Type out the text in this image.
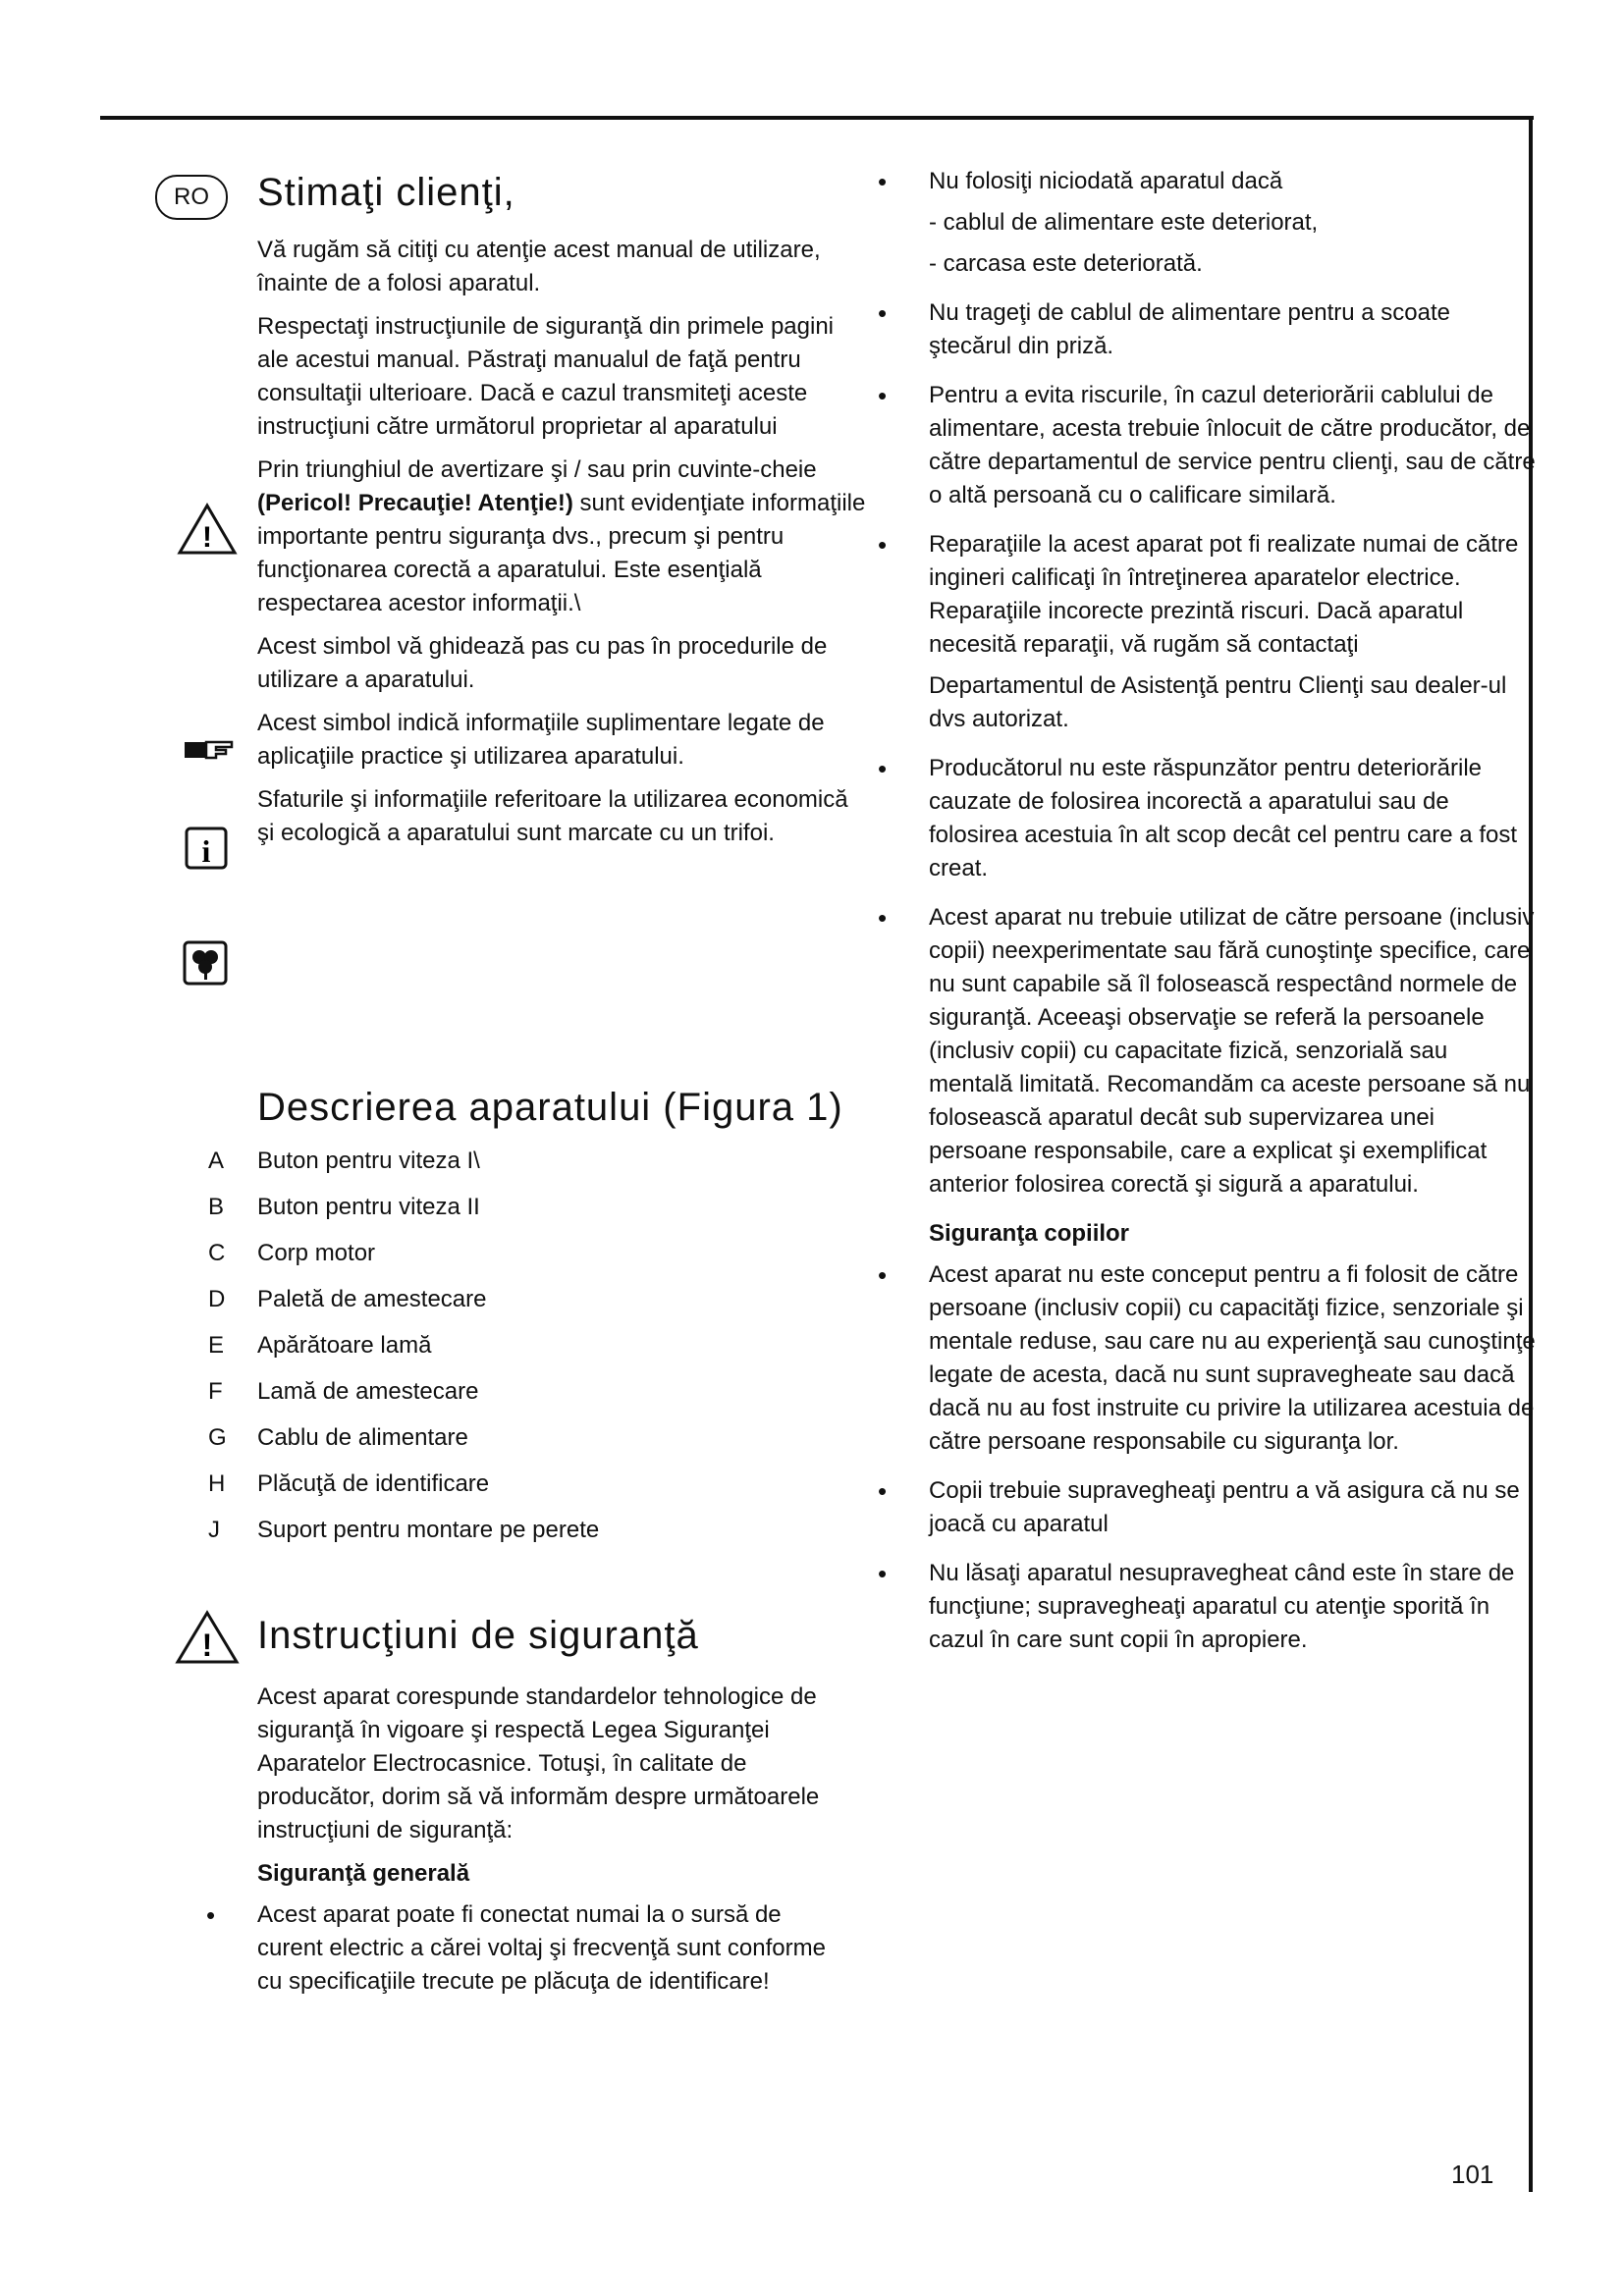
RO
!
i
!
Stimaţi clienţi,

Vă rugăm să citiţi cu atenţie acest manual de utilizare, înainte de a folosi aparatul.

Respectaţi instrucţiunile de siguranţă din primele pagini ale acestui manual. Păstraţi manualul de faţă pentru consultaţii ulterioare. Dacă e cazul transmiteţi aceste instrucţiuni către următorul proprietar al aparatului

Prin triunghiul de avertizare şi / sau prin cuvinte-cheie (Pericol! Precauţie! Atenţie!) sunt evidenţiate informaţiile importante pentru siguranţa dvs., precum şi pentru funcţionarea corectă a aparatului. Este esenţială respectarea acestor informaţii.\

Acest simbol vă ghidează pas cu pas în procedurile de utilizare a aparatului.

Acest simbol indică informaţiile suplimentare legate de aplicaţiile practice şi utilizarea aparatului.

Sfaturile şi informaţiile referitoare la utilizarea economică şi ecologică a aparatului sunt marcate cu un trifoi.

Descrierea aparatului (Figura 1)
A	Buton pentru viteza I\
B	Buton pentru viteza II
C	Corp motor
D	Paletă de amestecare
E	Apărătoare lamă
F	Lamă de amestecare
G	Cablu de alimentare
H	Plăcuţă de identificare
J	Suport pentru montare pe perete
Instrucţiuni de siguranţă

Acest aparat corespunde standardelor tehnologice de siguranţă în vigoare şi respectă Legea Siguranţei Aparatelor Electrocasnice. Totuşi, în calitate de producător, dorim să vă informăm despre următoarele instrucţiuni de siguranţă:

Siguranţă generală
• Acest aparat poate fi conectat numai la o sursă de curent electric a cărei voltaj şi frecvenţă sunt conforme cu specificaţiile trecute pe plăcuţa de identificare!
• Nu folosiţi niciodată aparatul dacă
- cablul de alimentare este deteriorat,
- carcasa este deteriorată.
• Nu trageţi de cablul de alimentare pentru a scoate ştecărul din priză.
• Pentru a evita riscurile, în cazul deteriorării cablului de alimentare, acesta trebuie înlocuit de către producător, de către departamentul de service pentru clienţi, sau de către o altă persoană cu o calificare similară.
• Reparaţiile la acest aparat pot fi realizate numai de către ingineri calificaţi în întreţinerea aparatelor electrice. Reparaţiile incorecte prezintă riscuri. Dacă aparatul necesită reparaţii, vă rugăm să contactaţi
Departamentul de Asistenţă pentru Clienţi sau dealer-ul dvs autorizat.
• Producătorul nu este răspunzător pentru deteriorările cauzate de folosirea incorectă a aparatului sau de folosirea acestuia în alt scop decât cel pentru care a fost creat.
• Acest aparat nu trebuie utilizat de către persoane (inclusiv copii) neexperimentate sau fără cunoştinţe specifice, care nu sunt capabile să îl folosească respectând normele de siguranţă. Aceeaşi observaţie se referă la persoanele (inclusiv copii) cu capacitate fizică, senzorială sau mentală limitată. Recomandăm ca aceste persoane să nu folosească aparatul decât sub supervizarea unei persoane responsabile, care a explicat şi exemplificat anterior folosirea corectă şi sigură a aparatului.
Siguranţa copiilor
• Acest aparat nu este conceput pentru a fi folosit de către persoane (inclusiv copii) cu capacităţi fizice, senzoriale şi mentale reduse, sau care nu au experienţă sau cunoştinţe legate de acesta, dacă nu sunt supravegheate sau dacă dacă nu au fost instruite cu privire la utilizarea acestuia de către persoane responsabile cu siguranţa lor.
• Copii trebuie supravegheaţi pentru a vă asigura că nu se joacă cu aparatul
• Nu lăsaţi aparatul nesupravegheat când este în stare de funcţiune; supravegheaţi aparatul cu atenţie sporită în cazul în care sunt copii în apropiere.
101
